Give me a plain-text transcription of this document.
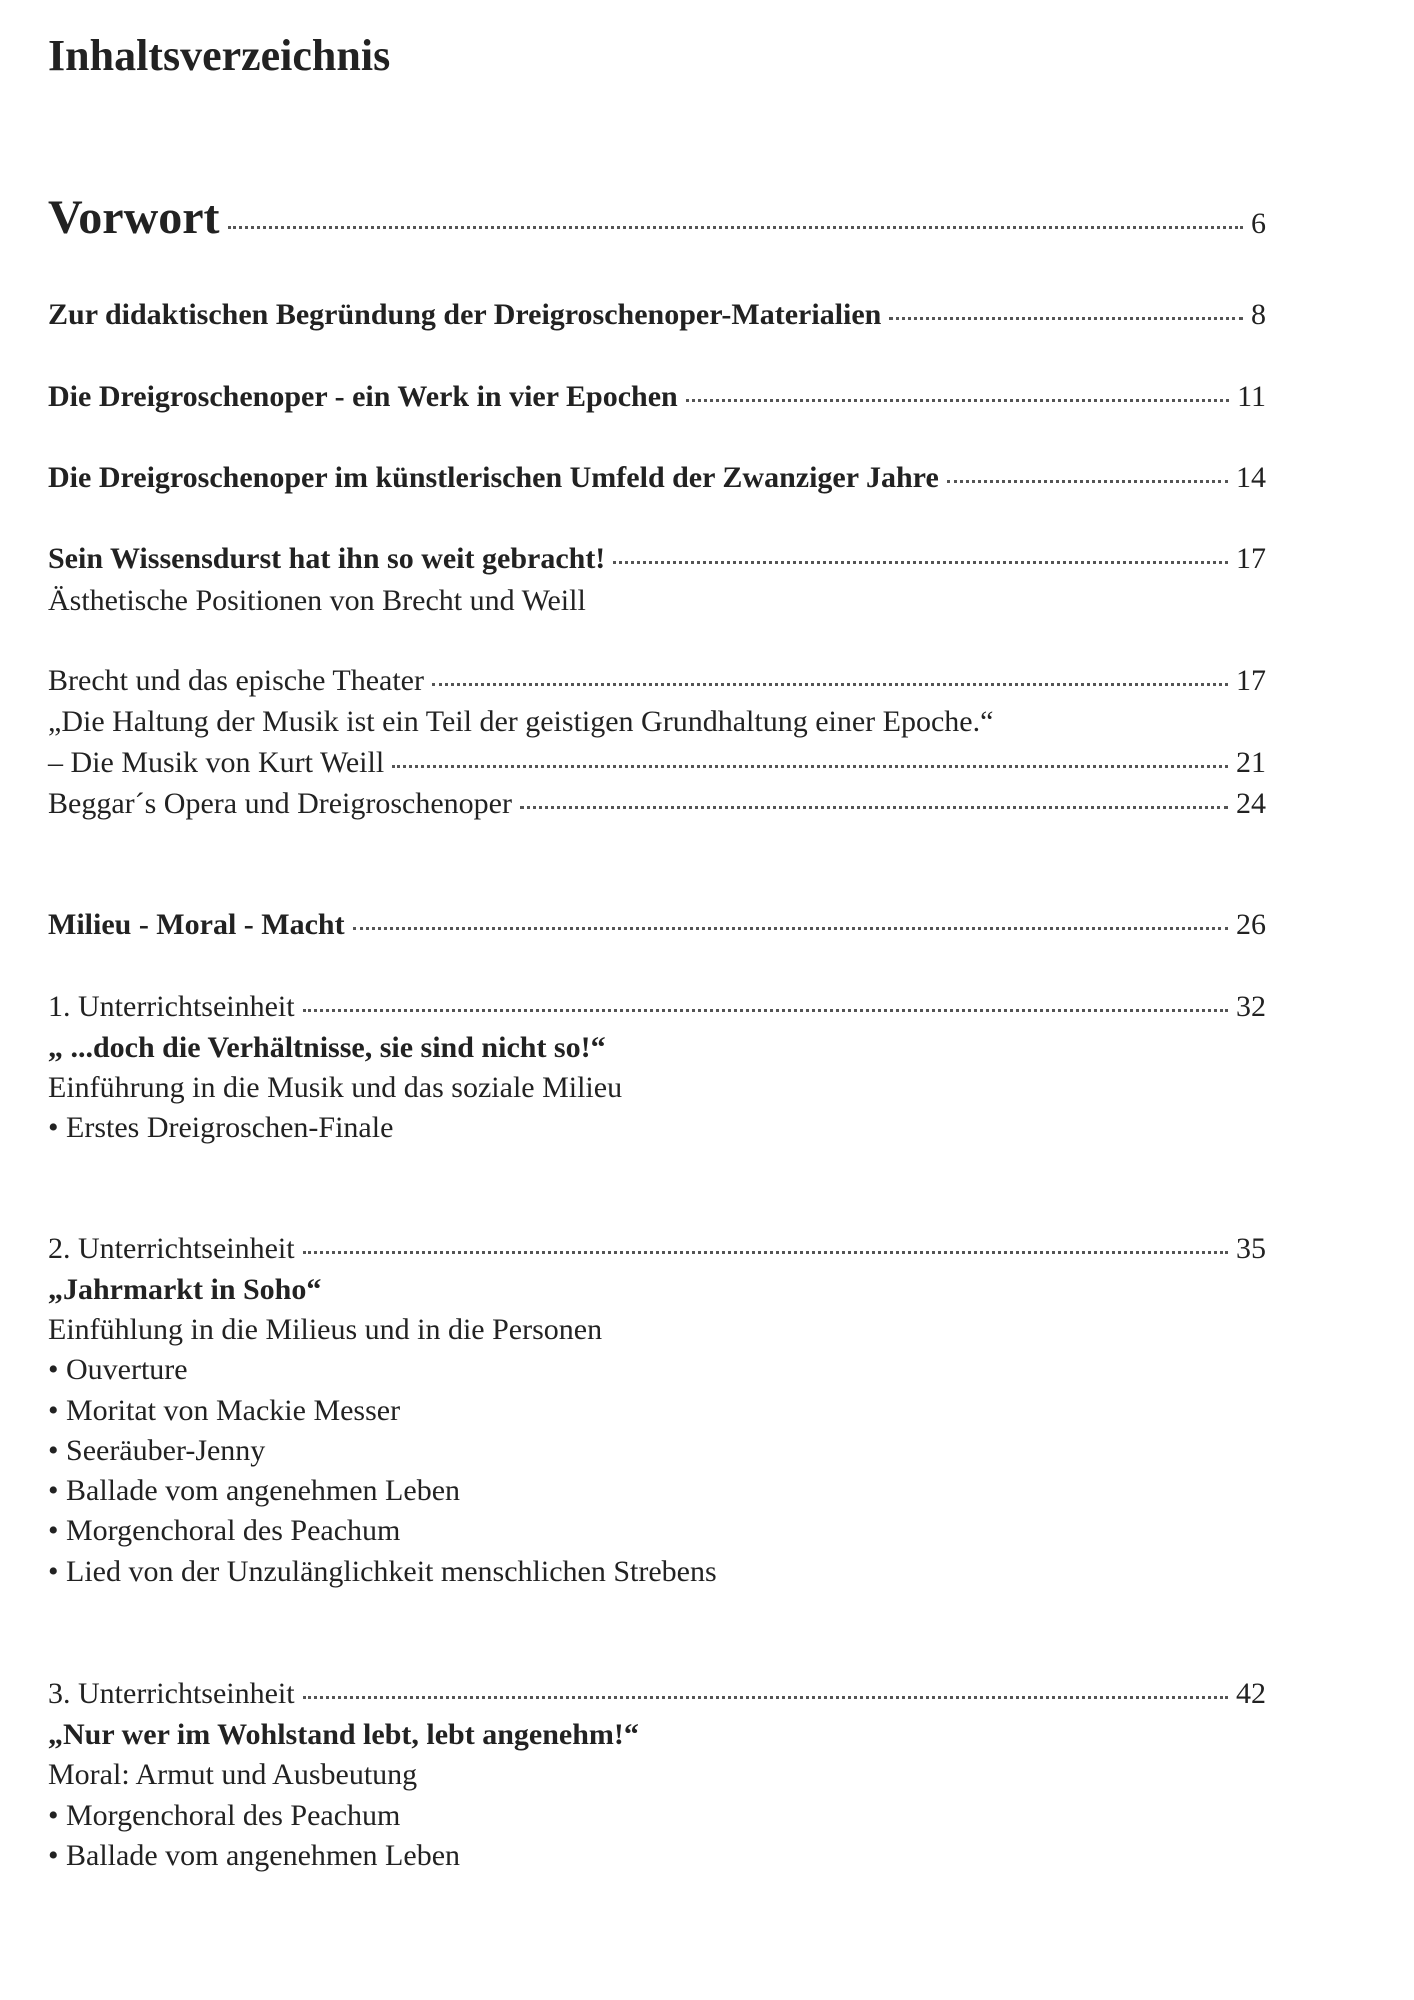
Inhaltsverzeichnis
Vorwort	6
Zur didaktischen Begründung der Dreigroschenoper-Materialien	8
Die Dreigroschenoper - ein Werk in vier Epochen	11
Die Dreigroschenoper im künstlerischen Umfeld der Zwanziger Jahre	14
Sein Wissensdurst hat ihn so weit gebracht!	17
Ästhetische Positionen von Brecht und Weill
Brecht und das epische Theater	17
„Die Haltung der Musik ist ein Teil der geistigen Grundhaltung einer Epoche.“
– Die Musik von Kurt Weill	21
Beggar´s Opera und Dreigroschenoper	24
Milieu - Moral - Macht	26
1. Unterrichtseinheit	32
„ ...doch die Verhältnisse, sie sind nicht so!“
Einführung in die Musik und das soziale Milieu
• Erstes Dreigroschen-Finale
2. Unterrichtseinheit	35
„Jahrmarkt in Soho“
Einfühlung in die Milieus und in die Personen
• Ouverture
• Moritat von Mackie Messer
• Seeräuber-Jenny
• Ballade vom angenehmen Leben
• Morgenchoral des Peachum
• Lied von der Unzulänglichkeit menschlichen Strebens
3. Unterrichtseinheit	42
„Nur wer im Wohlstand lebt, lebt angenehm!“
Moral: Armut und Ausbeutung
• Morgenchoral des Peachum
• Ballade vom angenehmen Leben
